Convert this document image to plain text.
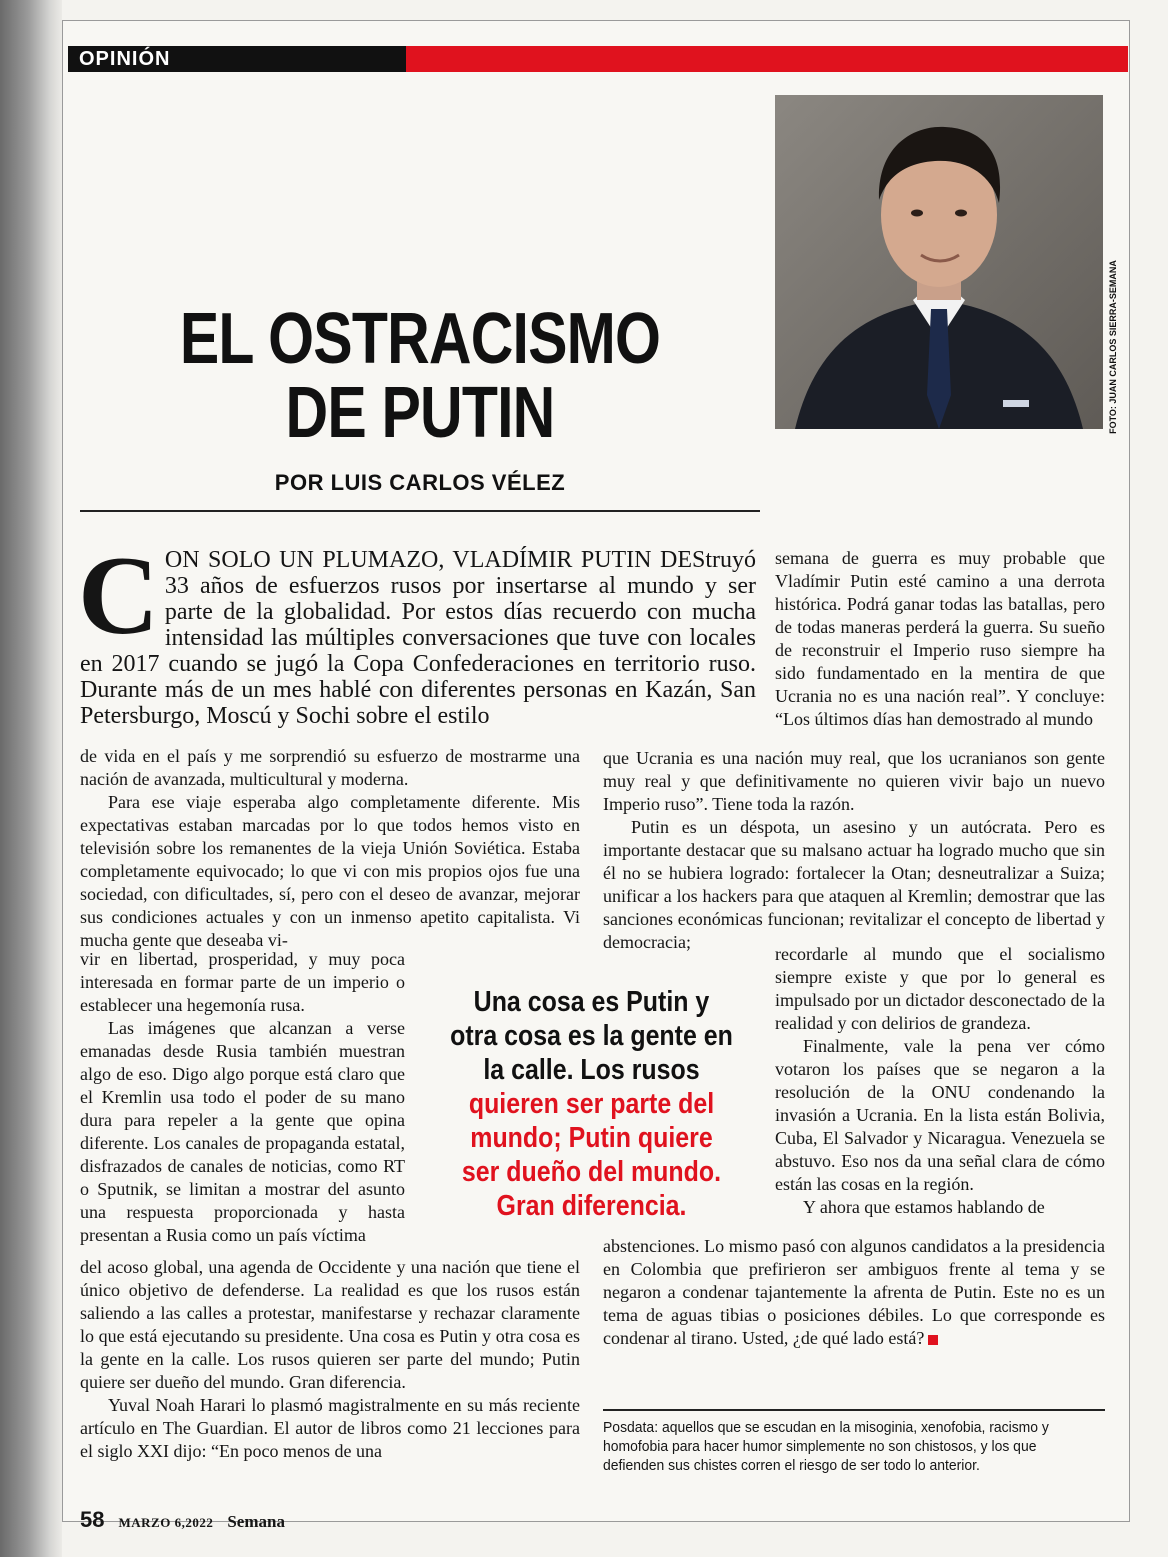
OPINIÓN
FOTO: JUAN CARLOS SIERRA-SEMANA
EL OSTRACISMO
DE PUTIN
POR LUIS CARLOS VÉLEZ
CON SOLO UN PLUMAZO, VLADÍMIR PUTIN DEStruyó 33 años de esfuerzos rusos por insertarse al mundo y ser parte de la globalidad. Por estos días recuerdo con mucha intensidad las múltiples conversaciones que tuve con locales en 2017 cuando se jugó la Copa Confederaciones en territorio ruso. Durante más de un mes hablé con diferentes personas en Kazán, San Petersburgo, Moscú y Sochi sobre el estilo

de vida en el país y me sorprendió su esfuerzo de mostrarme una nación de avanzada, multicultural y moderna.

Para ese viaje esperaba algo completamente diferente. Mis expectativas estaban marcadas por lo que todos hemos visto en televisión sobre los remanentes de la vieja Unión Soviética. Estaba completamente equivocado; lo que vi con mis propios ojos fue una sociedad, con dificultades, sí, pero con el deseo de avanzar, mejorar sus condiciones actuales y con un inmenso apetito capitalista. Vi mucha gente que deseaba vi-

vir en libertad, prosperidad, y muy poca interesada en formar parte de un imperio o establecer una hegemonía rusa.

Las imágenes que alcanzan a verse emanadas desde Rusia también muestran algo de eso. Digo algo porque está claro que el Kremlin usa todo el poder de su mano dura para repeler a la gente que opina diferente. Los canales de propaganda estatal, disfrazados de canales de noticias, como RT o Sputnik, se limitan a mostrar del asunto una respuesta proporcionada y hasta presentan a Rusia como un país víctima

del acoso global, una agenda de Occidente y una nación que tiene el único objetivo de defenderse. La realidad es que los rusos están saliendo a las calles a protestar, manifestarse y rechazar claramente lo que está ejecutando su presidente. Una cosa es Putin y otra cosa es la gente en la calle. Los rusos quieren ser parte del mundo; Putin quiere ser dueño del mundo. Gran diferencia.

Yuval Noah Harari lo plasmó magistralmente en su más reciente artículo en The Guardian. El autor de libros como 21 lecciones para el siglo XXI dijo: “En poco menos de una

semana de guerra es muy probable que Vladímir Putin esté camino a una derrota histórica. Podrá ganar todas las batallas, pero de todas maneras perderá la guerra. Su sueño de reconstruir el Imperio ruso siempre ha sido fundamentado en la mentira de que Ucrania no es una nación real”. Y concluye: “Los últimos días han demostrado al mundo

que Ucrania es una nación muy real, que los ucranianos son gente muy real y que definitivamente no quieren vivir bajo un nuevo Imperio ruso”. Tiene toda la razón.

Putin es un déspota, un asesino y un autócrata. Pero es importante destacar que su malsano actuar ha logrado mucho que sin él no se hubiera logrado: fortalecer la Otan; desneutralizar a Suiza; unificar a los hackers para que ataquen al Kremlin; demostrar que las sanciones económicas funcionan; revitalizar el concepto de libertad y democracia;

recordarle al mundo que el socialismo siempre existe y que por lo general es impulsado por un dictador desconectado de la realidad y con delirios de grandeza.

Finalmente, vale la pena ver cómo votaron los países que se negaron a la resolución de la ONU condenando la invasión a Ucrania. En la lista están Bolivia, Cuba, El Salvador y Nicaragua. Venezuela se abstuvo. Eso nos da una señal clara de cómo están las cosas en la región.

Y ahora que estamos hablando de

abstenciones. Lo mismo pasó con algunos candidatos a la presidencia en Colombia que prefirieron ser ambiguos frente al tema y se negaron a condenar tajantemente la afrenta de Putin. Este no es un tema de aguas tibias o posiciones débiles. Lo que corresponde es condenar al tirano. Usted, ¿de qué lado está?

Una cosa es Putin y otra cosa es la gente en la calle. Los rusos quieren ser parte del mundo; Putin quiere ser dueño del mundo. Gran diferencia.
Posdata: aquellos que se escudan en la misoginia, xenofobia, racismo y homofobia para hacer humor simplemente no son chistosos, y los que defienden sus chistes corren el riesgo de ser todo lo anterior.
58 MARZO 6,2022 Semana
